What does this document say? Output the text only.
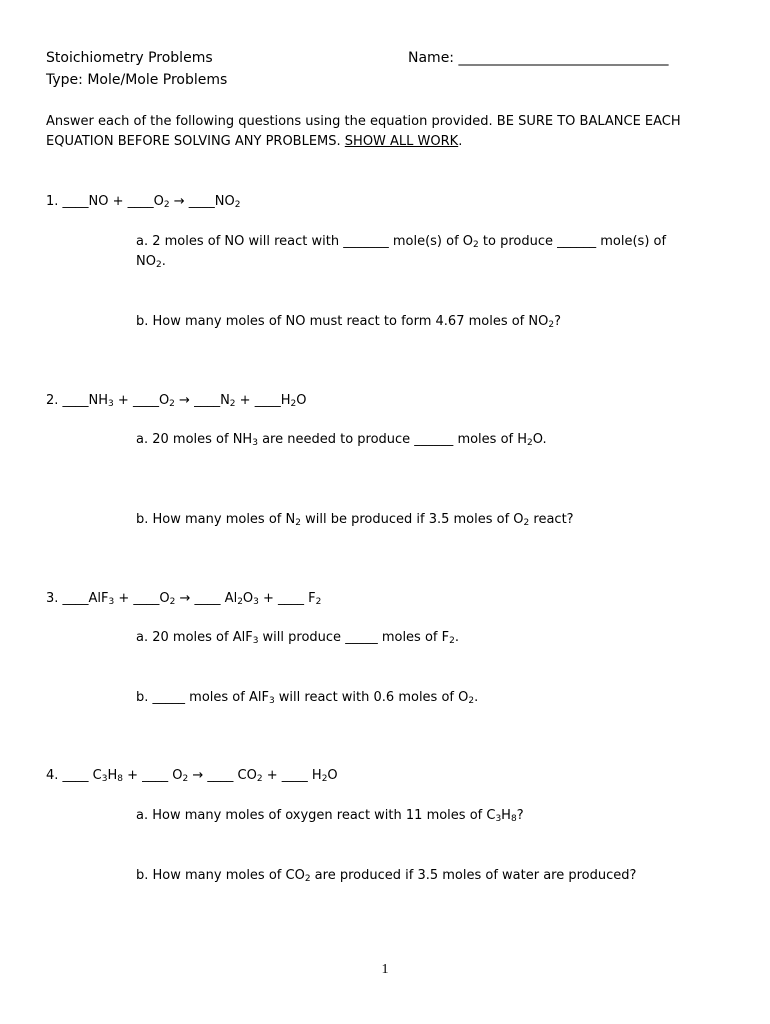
Stoichiometry Problems
Type: Mole/Mole Problems
Name: ______________________________
Answer each of the following questions using the equation provided. BE SURE TO BALANCE EACH
EQUATION BEFORE SOLVING ANY PROBLEMS. SHOW ALL WORK.
1. ____NO + $\_\_\_\_O_2$ → $\_\_\_\_NO_2$
a. 2 moles of NO will react with _______ mole(s) of $O_2$ to produce ______ mole(s) of
$NO_2$.
b. How many moles of NO must react to form 4.67 moles of $NO_2$?
2. $\_\_\_\_NH_3$ + $\_\_\_\_O_2$ → $\_\_\_\_N_2$ + $\_\_\_\_H_2O$
a. 20 moles of $NH_3$ are needed to produce ______ moles of $H_2O$.
b. How many moles of $N_2$ will be produced if 3.5 moles of $O_2$ react?
3. ____AlF$_3$ + $\_\_\_\_O_2$ → ____ $Al_2O_3$ + ____ $F_2$
a. 20 moles of AlF$_3$ will produce _____ moles of $F_2$.
b. _____ moles of AlF$_3$ will react with 0.6 moles of $O_2$.
4. ____ $C_3H_8$ + ____ $O_2$ → ____ $CO_2$ + ____ $H_2O$
a. How many moles of oxygen react with 11 moles of $C_3H_8$?
b. How many moles of $CO_2$ are produced if 3.5 moles of water are produced?
1
